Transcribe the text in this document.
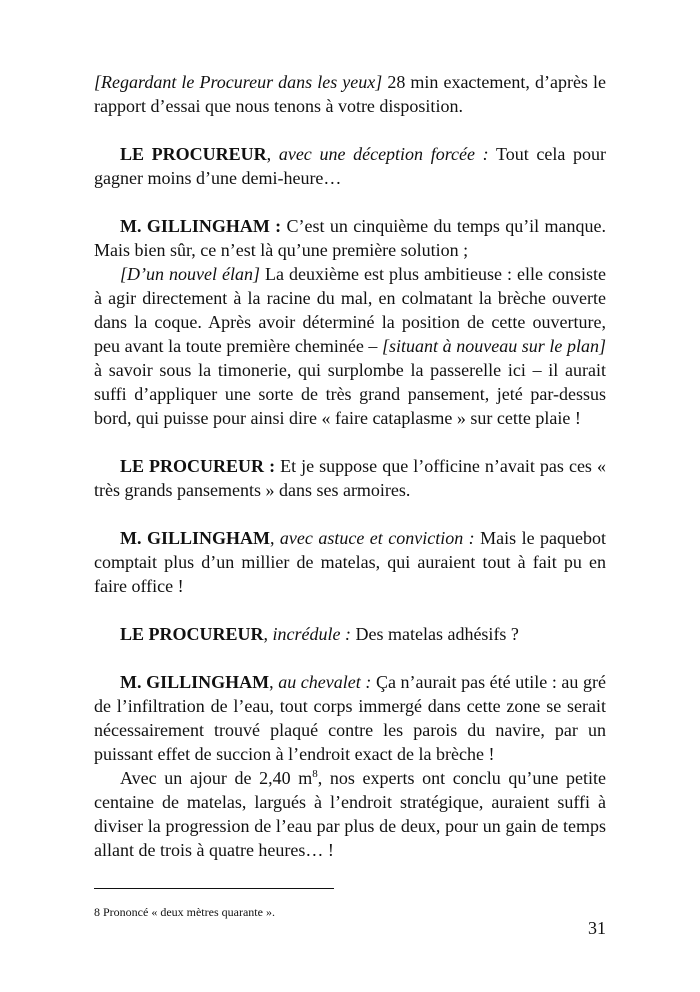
[Regardant le Procureur dans les yeux] 28 min exactement, d’après le rapport d’essai que nous tenons à votre disposition.

LE PROCUREUR, avec une déception forcée : Tout cela pour gagner moins d’une demi-heure…

M. GILLINGHAM : C’est un cinquième du temps qu’il manque. Mais bien sûr, ce n’est là qu’une première solution ;

[D’un nouvel élan] La deuxième est plus ambitieuse : elle consiste à agir directement à la racine du mal, en colmatant la brèche ouverte dans la coque. Après avoir déterminé la position de cette ouverture, peu avant la toute première cheminée – [situant à nouveau sur le plan] à savoir sous la timonerie, qui surplombe la passerelle ici – il aurait suffi d’appliquer une sorte de très grand pansement, jeté par-dessus bord, qui puisse pour ainsi dire « faire cataplasme » sur cette plaie !

LE PROCUREUR : Et je suppose que l’officine n’avait pas ces « très grands pansements » dans ses armoires.

M. GILLINGHAM, avec astuce et conviction : Mais le paquebot comptait plus d’un millier de matelas, qui auraient tout à fait pu en faire office !

LE PROCUREUR, incrédule : Des matelas adhésifs ?

M. GILLINGHAM, au chevalet : Ça n’aurait pas été utile : au gré de l’infiltration de l’eau, tout corps immergé dans cette zone se serait nécessairement trouvé plaqué contre les parois du navire, par un puissant effet de succion à l’endroit exact de la brèche !

Avec un ajour de 2,40 $m^8$, nos experts ont conclu qu’une petite centaine de matelas, largués à l’endroit stratégique, auraient suffi à diviser la progression de l’eau par plus de deux, pour un gain de temps allant de trois à quatre heures… !

8 Prononcé « deux mètres quarante ».
31
